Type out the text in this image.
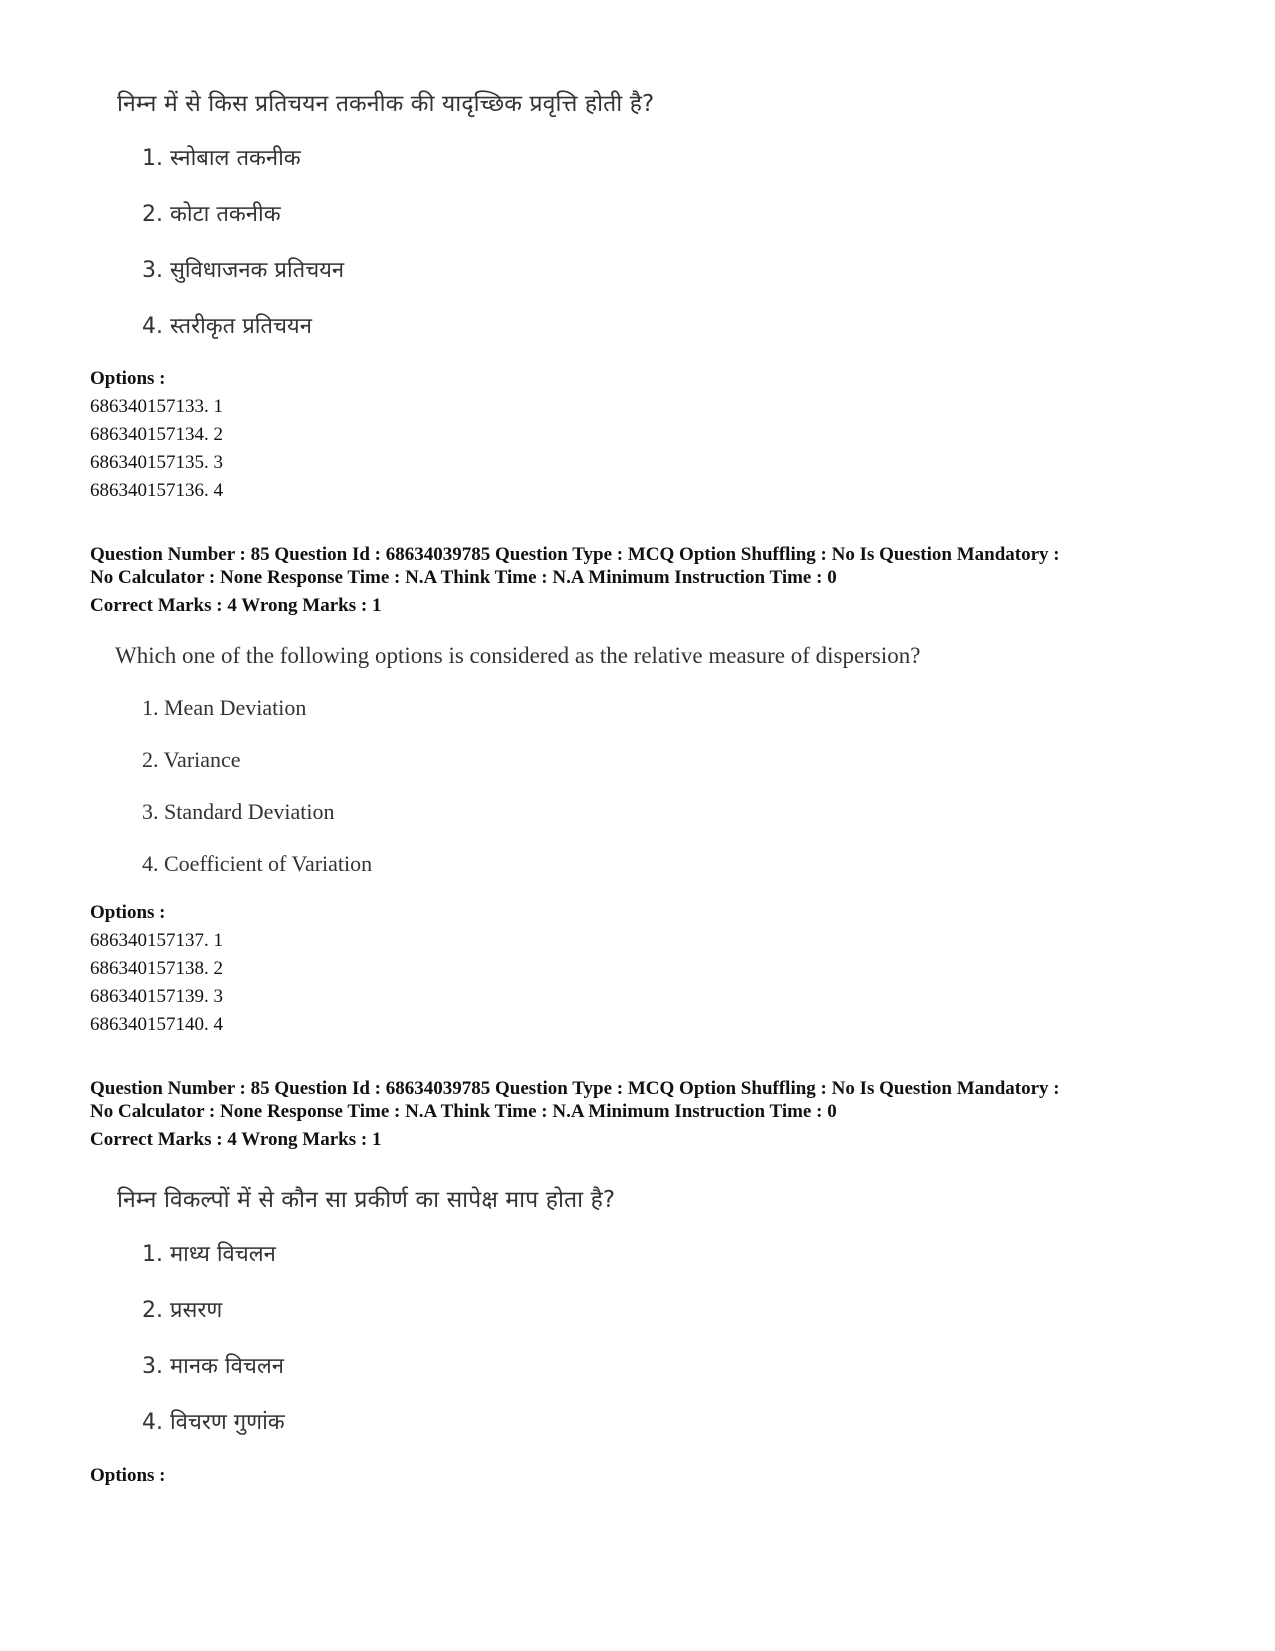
निम्न में से किस प्रतिचयन तकनीक की यादृच्छिक प्रवृत्ति होती है?
1. स्नोबाल तकनीक
2. कोटा तकनीक
3. सुविधाजनक प्रतिचयन
4. स्तरीकृत प्रतिचयन
Options :
686340157133. 1
686340157134. 2
686340157135. 3
686340157136. 4
Question Number : 85 Question Id : 68634039785 Question Type : MCQ Option Shuffling : No Is Question Mandatory :
No Calculator : None Response Time : N.A Think Time : N.A Minimum Instruction Time : 0
Correct Marks : 4 Wrong Marks : 1
Which one of the following options is considered as the relative measure of dispersion?
1. Mean Deviation
2. Variance
3. Standard Deviation
4. Coefficient of Variation
Options :
686340157137. 1
686340157138. 2
686340157139. 3
686340157140. 4
Question Number : 85 Question Id : 68634039785 Question Type : MCQ Option Shuffling : No Is Question Mandatory :
No Calculator : None Response Time : N.A Think Time : N.A Minimum Instruction Time : 0
Correct Marks : 4 Wrong Marks : 1
निम्न विकल्पों में से कौन सा प्रकीर्ण का सापेक्ष माप होता है?
1. माध्य विचलन
2. प्रसरण
3. मानक विचलन
4. विचरण गुणांक
Options :
